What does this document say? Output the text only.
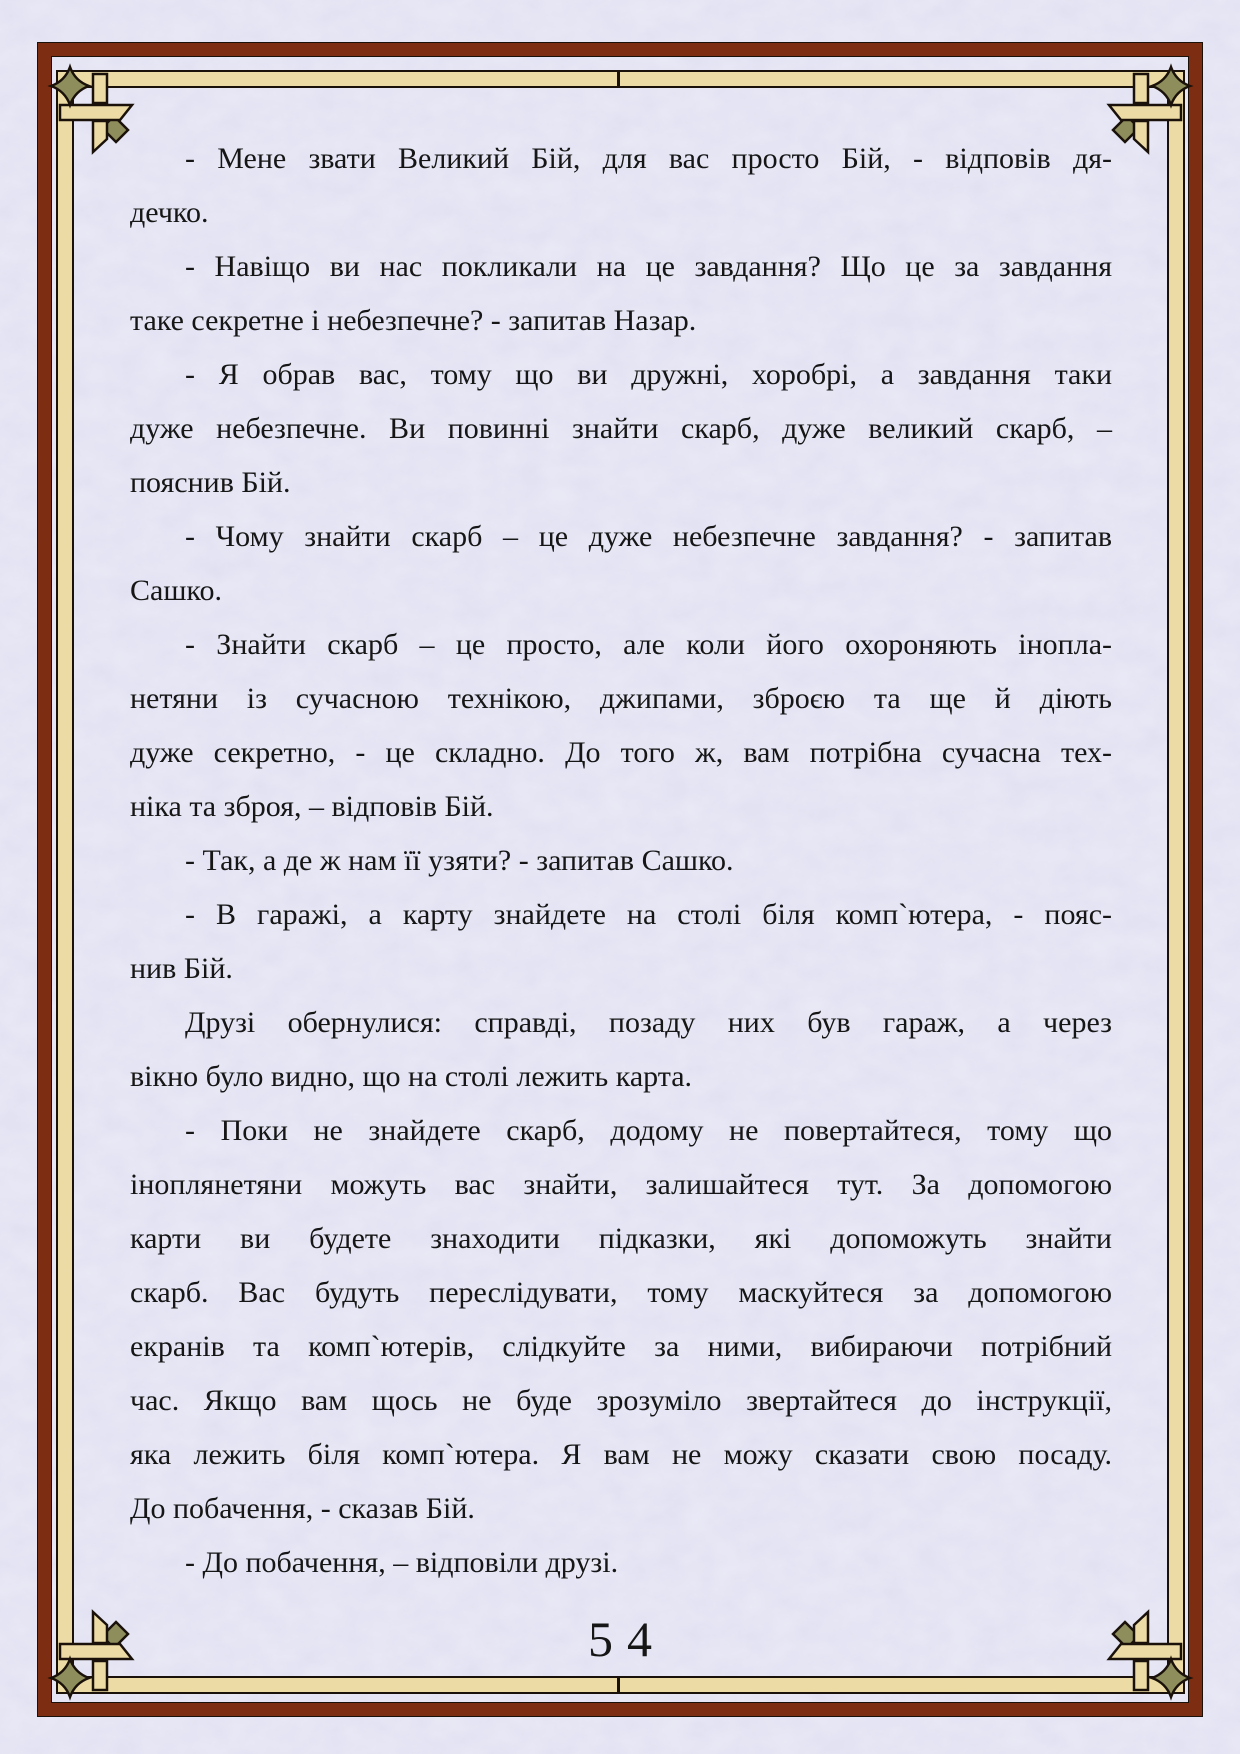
- Мене звати Великий Бій, для вас просто Бій, - відповів дя-
дечко.
- Навіщо ви нас покликали на це завдання? Що це за завдання
таке секретне і небезпечне? - запитав Назар.
- Я обрав вас, тому що ви дружні, хоробрі, а завдання таки
дуже небезпечне. Ви повинні знайти скарб, дуже великий скарб, –
пояснив Бій.
- Чому знайти скарб – це дуже небезпечне завдання? - запитав
Сашко.
- Знайти скарб – це просто, але коли його охороняють інопла-
нетяни із сучасною технікою, джипами, зброєю та ще й діють
дуже секретно, - це складно. До того ж, вам потрібна сучасна тех-
ніка та зброя, – відповів Бій.
- Так, а де ж нам її узяти? - запитав Сашко.
- В гаражі, а карту знайдете на столі біля комп`ютера, - пояс-
нив Бій.
Друзі обернулися: справді, позаду них був гараж, а через
вікно було видно, що на столі лежить карта.
- Поки не знайдете скарб, додому не повертайтеся, тому що
іноплянетяни можуть вас знайти, залишайтеся тут. За допомогою
карти ви будете знаходити підказки, які допоможуть знайти
скарб. Вас будуть переслідувати, тому маскуйтеся за допомогою
екранів та комп`ютерів, слідкуйте за ними, вибираючи потрібний
час. Якщо вам щось не буде зрозуміло звертайтеся до інструкції,
яка лежить біля комп`ютера. Я вам не можу сказати свою посаду.
До побачення, - сказав Бій.
- До побачення, – відповіли друзі.
54
